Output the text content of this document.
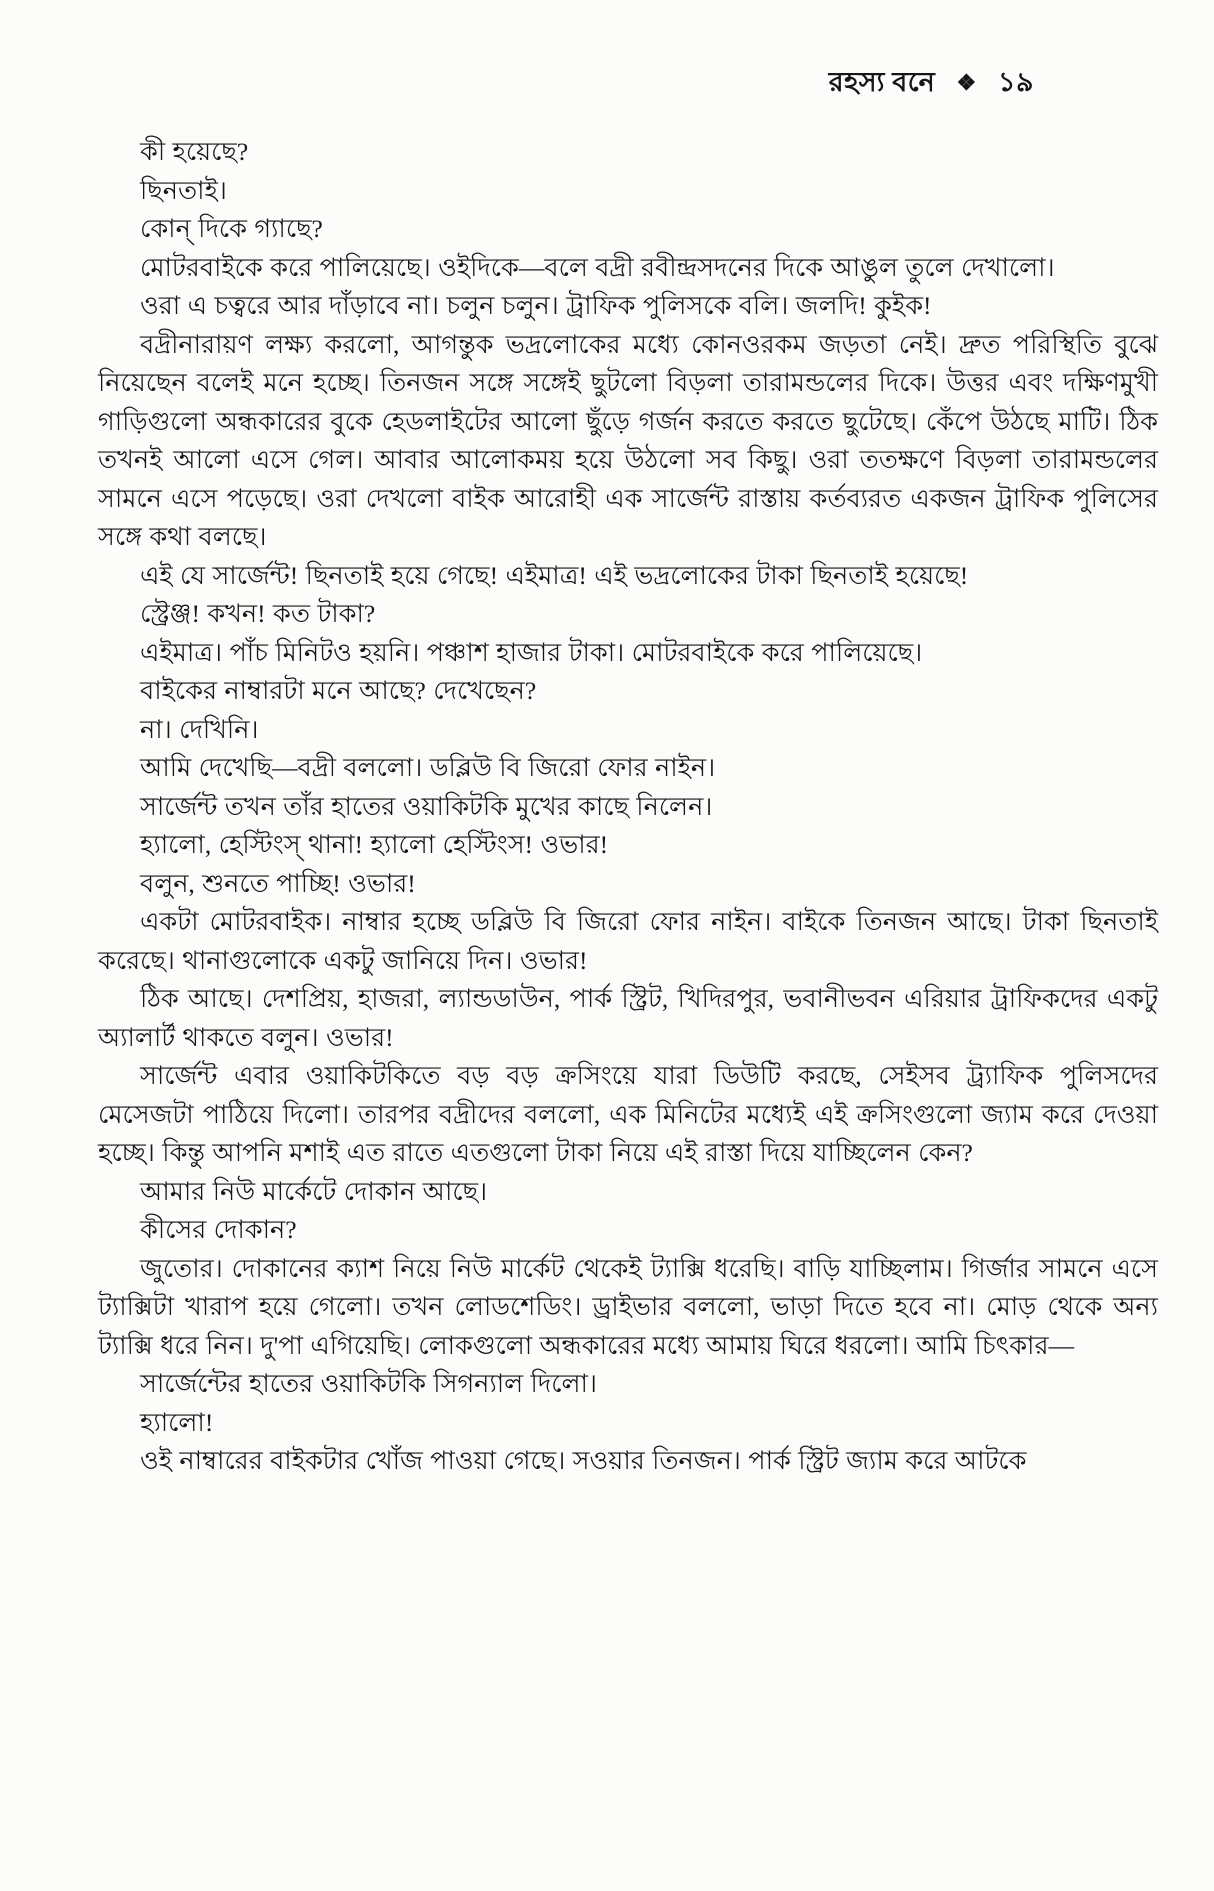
রহস্য বনে ❖ ১৯

কী হয়েছে?

ছিনতাই।

কোন্ দিকে গ্যাছে?

মোটরবাইকে করে পালিয়েছে। ওইদিকে—বলে বদ্রী রবীন্দ্রসদনের দিকে আঙুল তুলে দেখালো।

ওরা এ চত্বরে আর দাঁড়াবে না। চলুন চলুন। ট্রাফিক পুলিসকে বলি। জলদি! কুইক!

বদ্রীনারায়ণ লক্ষ্য করলো, আগন্তুক ভদ্রলোকের মধ্যে কোনওরকম জড়তা নেই। দ্রুত পরিস্থিতি বুঝে নিয়েছেন বলেই মনে হচ্ছে। তিনজন সঙ্গে সঙ্গেই ছুটলো বিড়লা তারামন্ডলের দিকে। উত্তর এবং দক্ষিণমুখী গাড়িগুলো অন্ধকারের বুকে হেডলাইটের আলো ছুঁড়ে গর্জন করতে করতে ছুটেছে। কেঁপে উঠছে মাটি। ঠিক তখনই আলো এসে গেল। আবার আলোকময় হয়ে উঠলো সব কিছু। ওরা ততক্ষণে বিড়লা তারামন্ডলের সামনে এসে পড়েছে। ওরা দেখলো বাইক আরোহী এক সার্জেন্ট রাস্তায় কর্তব্যরত একজন ট্রাফিক পুলিসের সঙ্গে কথা বলছে।

এই যে সার্জেন্ট! ছিনতাই হয়ে গেছে! এইমাত্র! এই ভদ্রলোকের টাকা ছিনতাই হয়েছে!

স্ট্রেঞ্জ! কখন! কত টাকা?

এইমাত্র। পাঁচ মিনিটও হয়নি। পঞ্চাশ হাজার টাকা। মোটরবাইকে করে পালিয়েছে।

বাইকের নাম্বারটা মনে আছে? দেখেছেন?

না। দেখিনি।

আমি দেখেছি—বদ্রী বললো। ডব্লিউ বি জিরো ফোর নাইন।

সার্জেন্ট তখন তাঁর হাতের ওয়াকিটকি মুখের কাছে নিলেন।

হ্যালো, হেস্টিংস্ থানা! হ্যালো হেস্টিংস! ওভার!

বলুন, শুনতে পাচ্ছি! ওভার!

একটা মোটরবাইক। নাম্বার হচ্ছে ডব্লিউ বি জিরো ফোর নাইন। বাইকে তিনজন আছে। টাকা ছিনতাই করেছে। থানাগুলোকে একটু জানিয়ে দিন। ওভার!

ঠিক আছে। দেশপ্রিয়, হাজরা, ল্যান্ডডাউন, পার্ক স্ট্রিট, খিদিরপুর, ভবানীভবন এরিয়ার ট্রাফিকদের একটু অ্যালার্ট থাকতে বলুন। ওভার!

সার্জেন্ট এবার ওয়াকিটকিতে বড় বড় ক্রসিংয়ে যারা ডিউটি করছে, সেইসব ট্র্যাফিক পুলিসদের মেসেজটা পাঠিয়ে দিলো। তারপর বদ্রীদের বললো, এক মিনিটের মধ্যেই এই ক্রসিংগুলো জ্যাম করে দেওয়া হচ্ছে। কিন্তু আপনি মশাই এত রাতে এতগুলো টাকা নিয়ে এই রাস্তা দিয়ে যাচ্ছিলেন কেন?

আমার নিউ মার্কেটে দোকান আছে।

কীসের দোকান?

জুতোর। দোকানের ক্যাশ নিয়ে নিউ মার্কেট থেকেই ট্যাক্সি ধরেছি। বাড়ি যাচ্ছিলাম। গির্জার সামনে এসে ট্যাক্সিটা খারাপ হয়ে গেলো। তখন লোডশেডিং। ড্রাইভার বললো, ভাড়া দিতে হবে না। মোড় থেকে অন্য ট্যাক্সি ধরে নিন। দু'পা এগিয়েছি। লোকগুলো অন্ধকারের মধ্যে আমায় ঘিরে ধরলো। আমি চিৎকার—

সার্জেন্টের হাতের ওয়াকিটকি সিগন্যাল দিলো।

হ্যালো!

ওই নাম্বারের বাইকটার খোঁজ পাওয়া গেছে। সওয়ার তিনজন। পার্ক স্ট্রিট জ্যাম করে আটকে
